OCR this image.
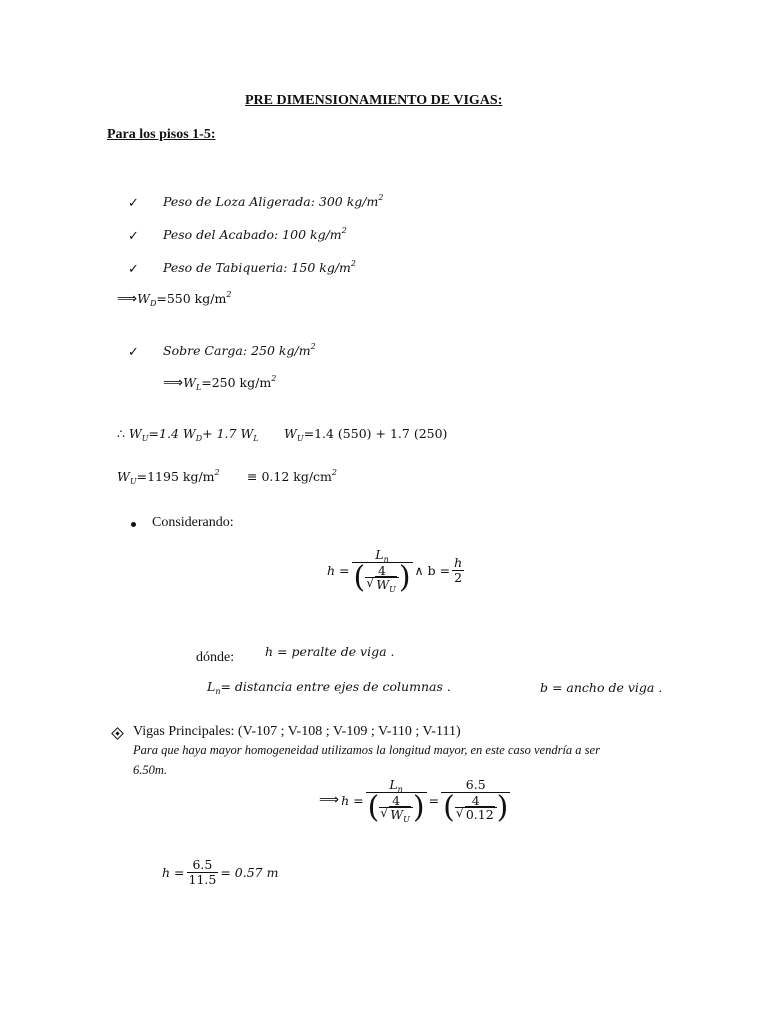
PRE DIMENSIONAMIENTO DE VIGAS:
Para los pisos 1-5:
✓ Peso de Loza Aligerada: 300 $kg/m^2$
✓ Peso del Acabado: 100 $kg/m^2$
✓ Peso de Tabiqueria: 150 $kg/m^2$
$⟹W_D=550$ $kg/m^2$
✓ Sobre Carga: 250 $kg/m^2$
$⟹W_L=250$ $kg/m^2$
∴ $W_U=1.4$ $W_D+ 1.7$ $W_L$ $W_U=1.4$ (550) + 1.7 (250)
$W_U=1195$ $kg/m^2 \equiv 0.12$ $kg/cm^2$
Considerando:
$h = L_n$
( 4
√ $W_U$ ) ∧ $b = \frac{h}{2}$
dónde: h = peralte de viga .
$L_n=$ distancia entre ejes de columnas .	b = ancho de viga .
Vigas Principales: (V-107 ; V-108 ; V-109 ; V-110 ; V-111)
Para que haya mayor homogeneidad utilizamos la longitud mayor, en este caso vendría a ser
6.50m.
⟹ $h = L_n$
( 4
√ $W_U$ ) = 6.5
( 4
√ 0.12 )
$h = \frac{6.5}{11.5} = 0.57$ m
